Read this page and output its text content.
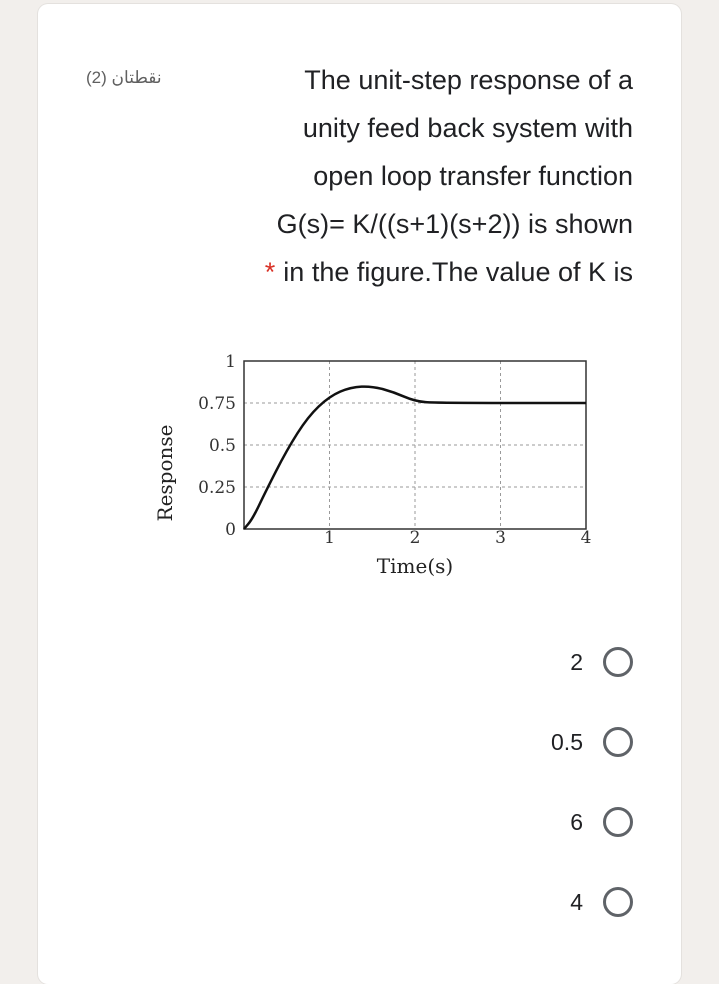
نقطتان (2)	The unit-step response of a
unity feed back system with
open loop transfer function
G(s)= K/((s+1)(s+2)) is shown
* in the figure.The value of K is
0
0.25
0.5
0.75
1
1	2	3	4
Time(s)
Response
2
0.5
6
4
